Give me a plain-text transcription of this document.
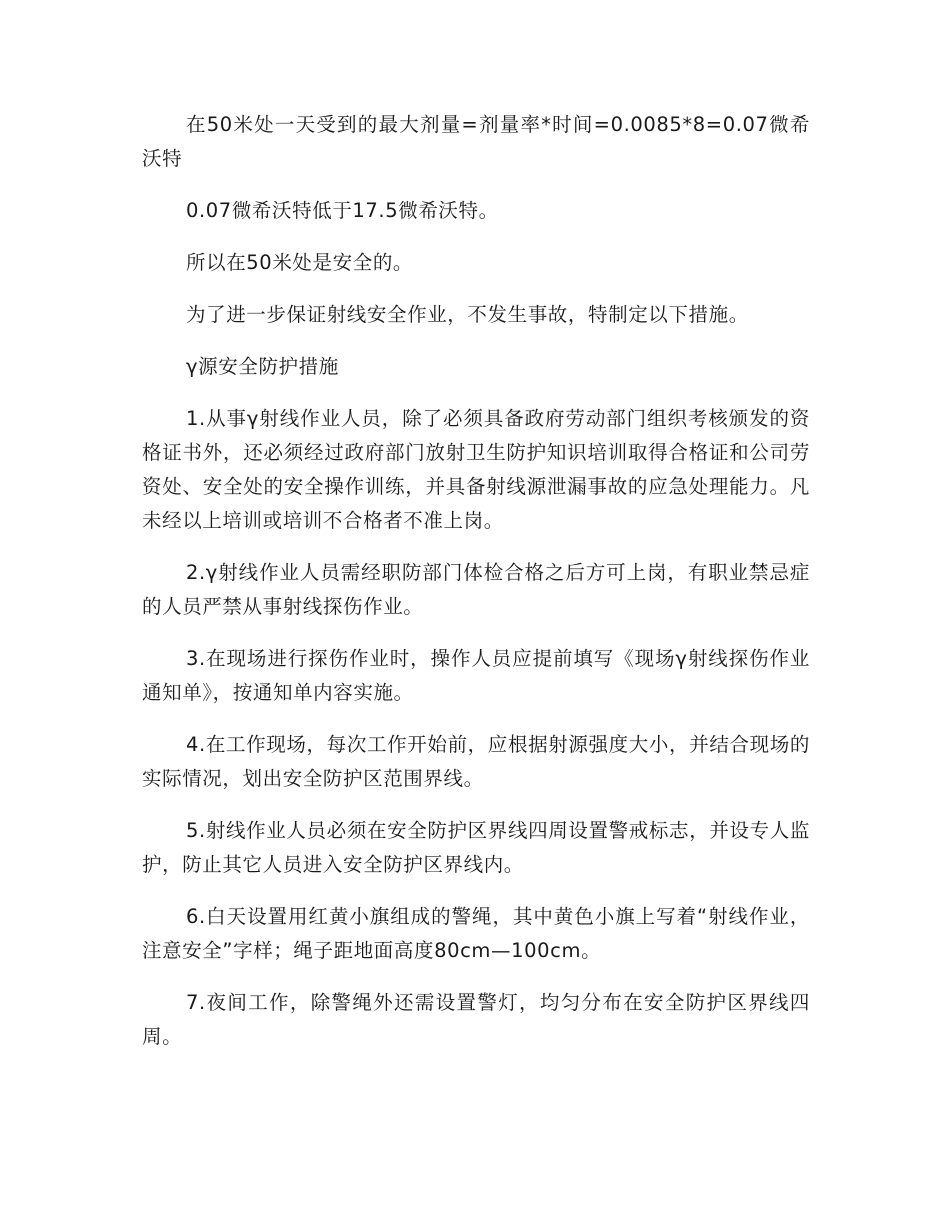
在50米处一天受到的最大剂量=剂量率*时间=0.0085*8=0.07微希沃特

0.07微希沃特低于17.5微希沃特。

所以在50米处是安全的。

为了进一步保证射线安全作业，不发生事故，特制定以下措施。

γ源安全防护措施

1.从事γ射线作业人员，除了必须具备政府劳动部门组织考核颁发的资格证书外，还必须经过政府部门放射卫生防护知识培训取得合格证和公司劳资处、安全处的安全操作训练，并具备射线源泄漏事故的应急处理能力。凡未经以上培训或培训不合格者不准上岗。

2.γ射线作业人员需经职防部门体检合格之后方可上岗，有职业禁忌症的人员严禁从事射线探伤作业。

3.在现场进行探伤作业时，操作人员应提前填写《现场γ射线探伤作业通知单》，按通知单内容实施。

4.在工作现场，每次工作开始前，应根据射源强度大小，并结合现场的实际情况，划出安全防护区范围界线。

5.射线作业人员必须在安全防护区界线四周设置警戒标志，并设专人监护，防止其它人员进入安全防护区界线内。

6.白天设置用红黄小旗组成的警绳，其中黄色小旗上写着“射线作业，注意安全”字样；绳子距地面高度80cm—100cm。

7.夜间工作，除警绳外还需设置警灯，均匀分布在安全防护区界线四周。
